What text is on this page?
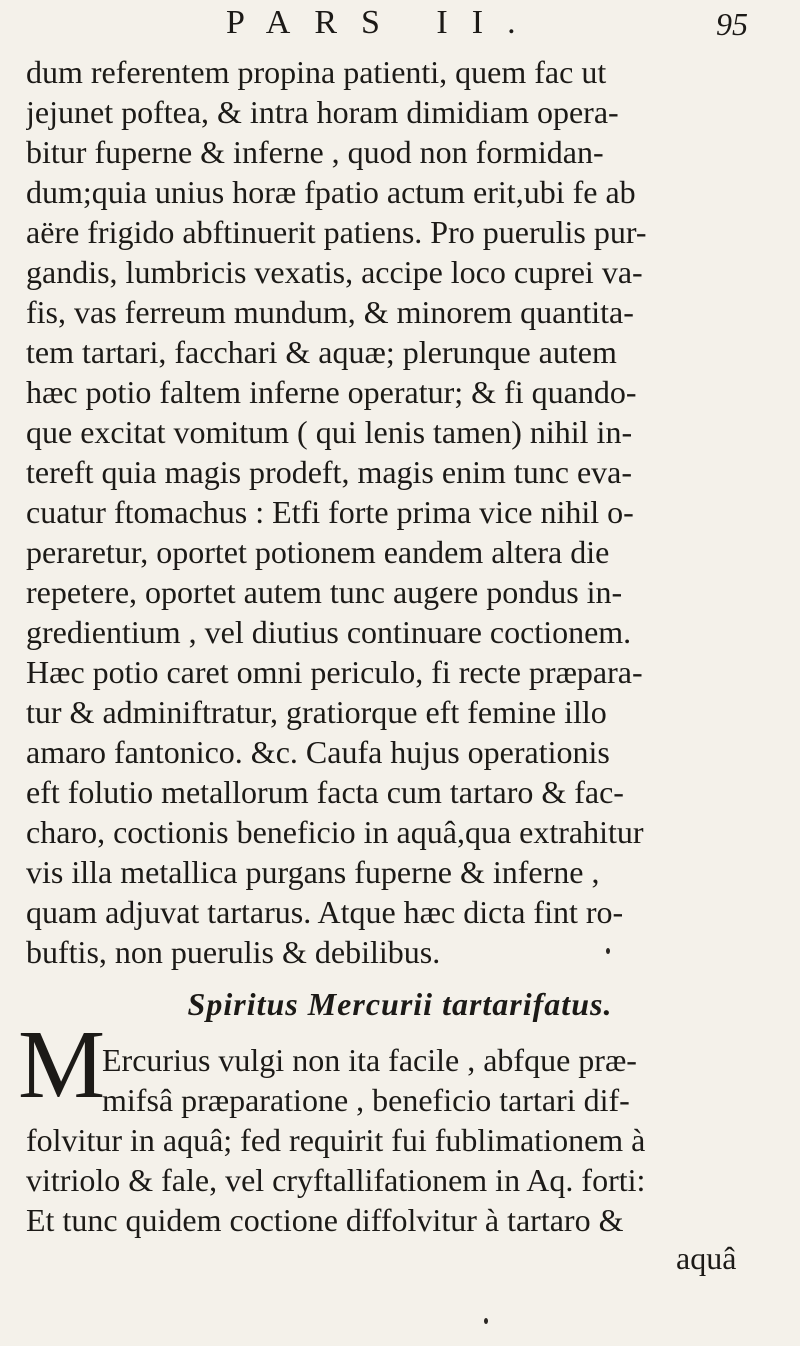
PARS II.	95
dum referentem propina patienti, quem fac ut
jejunet poftea, & intra horam dimidiam opera-
bitur fuperne & inferne , quod non formidan-
dum;quia unius horæ fpatio actum erit,ubi fe ab
aëre frigido abftinuerit patiens. Pro puerulis pur-
gandis, lumbricis vexatis, accipe loco cuprei va-
fis, vas ferreum mundum, & minorem quantita-
tem tartari, facchari & aquæ; plerunque autem
hæc potio faltem inferne operatur; & fi quando-
que excitat vomitum ( qui lenis tamen) nihil in-
tereft quia magis prodeft, magis enim tunc eva-
cuatur ftomachus : Etfi forte prima vice nihil o-
peraretur, oportet potionem eandem altera die
repetere, oportet autem tunc augere pondus in-
gredientium , vel diutius continuare coctionem.
Hæc potio caret omni periculo, fi recte præpara-
tur & adminiftratur, gratiorque eft femine illo
amaro fantonico. &c. Caufa hujus operationis
eft folutio metallorum facta cum tartaro & fac-
charo, coctionis beneficio in aquâ,qua extrahitur
vis illa metallica purgans fuperne & inferne ,
quam adjuvat tartarus. Atque hæc dicta fint ro-
buftis, non puerulis & debilibus.
Spiritus Mercurii tartarifatus.
M
Ercurius vulgi non ita facile , abfque præ-
mifsâ præparatione , beneficio tartari dif-
folvitur in aquâ; fed requirit fui fublimationem à
vitriolo & fale, vel cryftallifationem in Aq. forti:
Et tunc quidem coctione diffolvitur à tartaro &
aquâ
